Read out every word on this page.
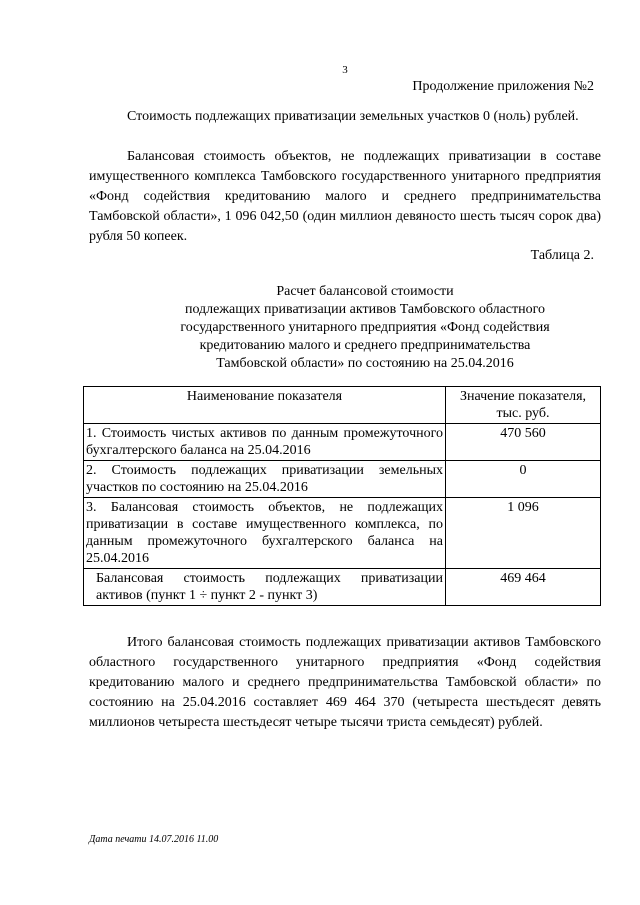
3
Продолжение приложения №2

Стоимость подлежащих приватизации земельных участков 0 (ноль) рублей.

Балансовая стоимость объектов, не подлежащих приватизации в составе имущественного комплекса Тамбовского государственного унитарного предприятия «Фонд содействия кредитованию малого и среднего предпринимательства Тамбовской области», 1 096 042,50 (один миллион девяносто шесть тысяч сорок два) рубля 50 копеек.

Таблица 2.
Расчет балансовой стоимости
подлежащих приватизации активов Тамбовского областного
государственного унитарного предприятия «Фонд содействия
кредитованию малого и среднего предпринимательства
Тамбовской области» по состоянию на 25.04.2016
Наименование показателя	Значение показателя, тыс. руб.
1. Стоимость чистых активов по данным промежуточного бухгалтерского баланса на 25.04.2016	470 560
2. Стоимость подлежащих приватизации земельных участков по состоянию на 25.04.2016	0
3. Балансовая стоимость объектов, не подлежащих приватизации в составе имущественного комплекса, по данным промежуточного бухгалтерского баланса на 25.04.2016	1 096
Балансовая стоимость подлежащих приватизации активов (пункт 1 ÷ пункт 2 - пункт 3)	469 464

Итого балансовая стоимость подлежащих приватизации активов Тамбовского областного государственного унитарного предприятия «Фонд содействия кредитованию малого и среднего предпринимательства Тамбовской области» по состоянию на 25.04.2016 составляет 469 464 370 (четыреста шестьдесят девять миллионов четыреста шестьдесят четыре тысячи триста семьдесят) рублей.

Дата печати 14.07.2016 11.00
